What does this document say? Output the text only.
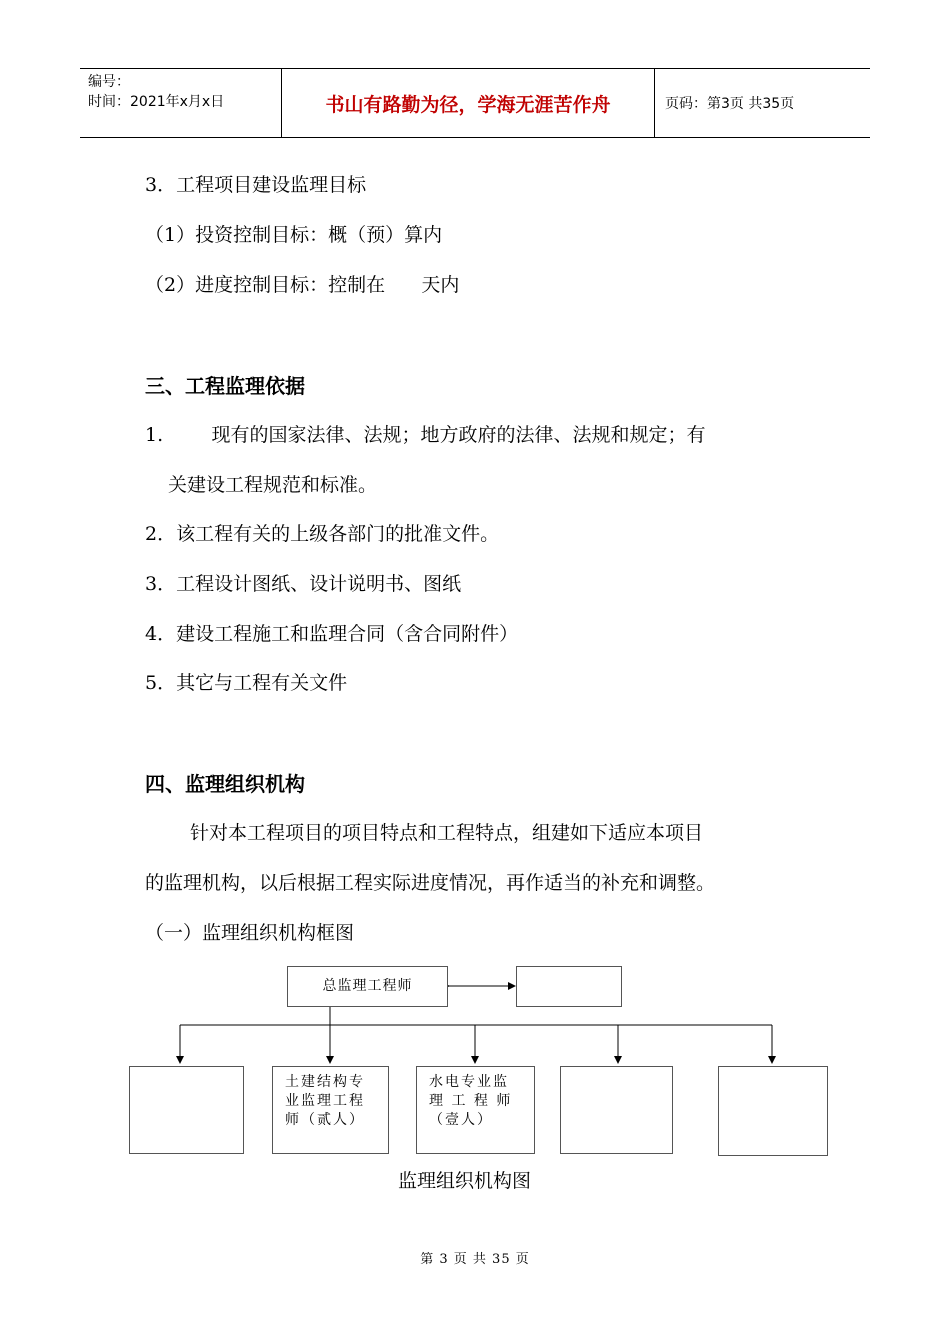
编号：
时间：2021年x月x日	书山有路勤为径，学海无涯苦作舟	页码：第3页 共35页
3．工程项目建设监理目标
（1）投资控制目标：概（预）算内
（2）进度控制目标：控制在      天内
三、工程监理依据
1.        现有的国家法律、法规；地方政府的法律、法规和规定；有
关建设工程规范和标准。
2．该工程有关的上级各部门的批准文件。
3．工程设计图纸、设计说明书、图纸
4．建设工程施工和监理合同（含合同附件）
5．其它与工程有关文件
四、监理组织机构
针对本工程项目的项目特点和工程特点，组建如下适应本项目
的监理机构，以后根据工程实际进度情况，再作适当的补充和调整。
（一）监理组织机构框图
总监理工程师
土建结构专
业监理工程
师（贰人）
水电专业监
理 工 程 师
（壹人）
监理组织机构图
第 3 页 共 35 页
